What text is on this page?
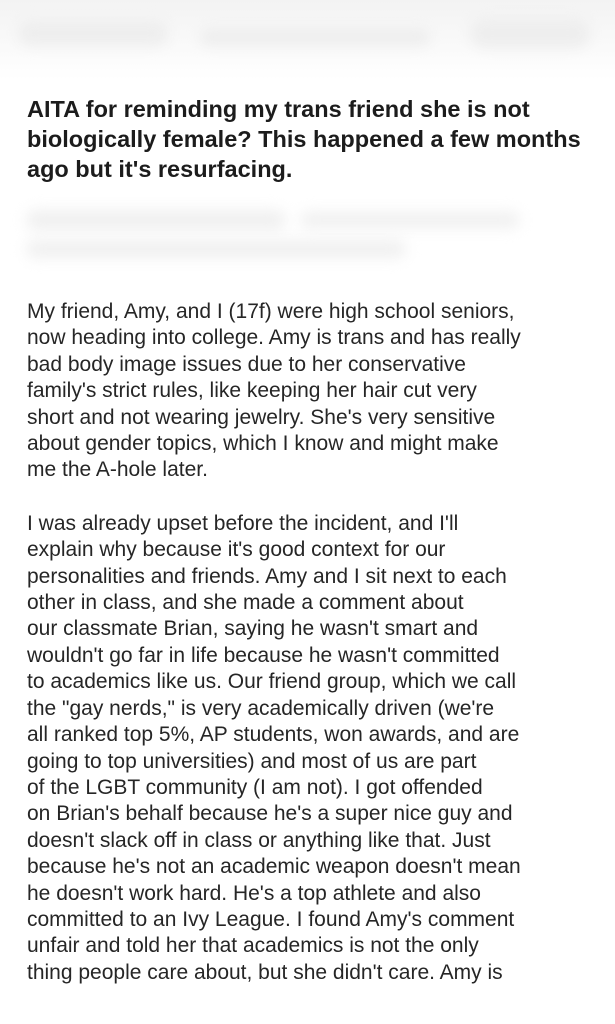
AITA for reminding my trans friend she is not biologically female? This happened a few months ago but it's resurfacing.

My friend, Amy, and I (17f) were high school seniors,
now heading into college. Amy is trans and has really
bad body image issues due to her conservative
family's strict rules, like keeping her hair cut very
short and not wearing jewelry. She's very sensitive
about gender topics, which I know and might make
me the A-hole later.

I was already upset before the incident, and I'll
explain why because it's good context for our
personalities and friends. Amy and I sit next to each
other in class, and she made a comment about
our classmate Brian, saying he wasn't smart and
wouldn't go far in life because he wasn't committed
to academics like us. Our friend group, which we call
the "gay nerds," is very academically driven (we're
all ranked top 5%, AP students, won awards, and are
going to top universities) and most of us are part
of the LGBT community (I am not). I got offended
on Brian's behalf because he's a super nice guy and
doesn't slack off in class or anything like that. Just
because he's not an academic weapon doesn't mean
he doesn't work hard. He's a top athlete and also
committed to an Ivy League. I found Amy's comment
unfair and told her that academics is not the only
thing people care about, but she didn't care. Amy is
